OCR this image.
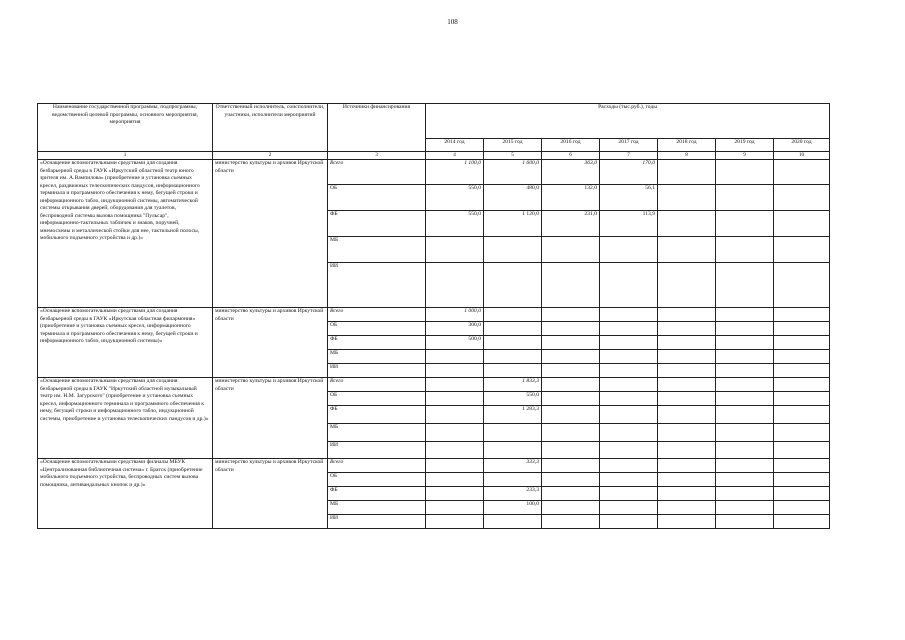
108
Наименование государственной программы, подпрограммы, ведомственной целевой программы, основного мероприятия, мероприятия	Ответственный исполнитель, соисполнители, участники, исполнители мероприятий	Источники финансирования	Расходы (тыс.руб.), годы						
			2014 год	2015 год	2016 год	2017 год	2018 год	2019 год	2020 год
1	2	3	4	5	6	7	8	9	10
«Оснащение вспомогательными средствами для создания безбарьерной среды в ГАУК «Иркутский областной театр юного зрителя им. А.Вампилова» (приобретение и установка съемных кресел, раздвижных телескопических пандусов, информационного терминала и программного обеспечения к нему, бегущей строки и информационного табло, индукционной системы, автоматической системы открывания дверей, оборудования для туалетов, беспроводной системы вызова помощника "Пульсар", информационно-тактильных табличек и знаков, поручней, мнемосхемы и металлической стойки для нее, тактильной полосы, мобильного подъемного устройства и др.)»	министерство культуры и архивов Иркутской области	Всего	1 100,0	1 600,0	363,0	170,0			
		ОБ	550,0	480,0	132,0	56,1			
		ФБ	550,0	1 120,0	231,0	113,9			
		МБ							
		ИИ							
«Оснащение вспомогательными средствами для создания безбарьерной среды в ГАУК «Иркутская областная филармония» (приобретение и установка съемных кресел, информационного терминала и программного обеспечения к нему, бегущей строки и информационного табло, индукционной системы)»	министерство культуры и архивов Иркутской области	Всего	1 000,0						
		ОБ	300,0						
		ФБ	500,0						
		МБ							
		ИИ							
«Оснащение вспомогательными средствами для создания безбарьерной среды в ГАУК "Иркутский областной музыкальный театр им. Н.М. Загурского" (приобретение и установка съемных кресел, информационного терминала и программного обеспечения к нему, бегущей строки и информационного табло, индукционной системы, приобретение и установка телескопических пандусов и др.)»	министерство культуры и архивов Иркутской области	Всего		1 833,3					
		ОБ		550,0					
		ФБ		1 283,3					
		МБ							
		ИИ							
«Оснащение вспомогательными средствами филиалы МБУК «Централизованная библиотечная система» г. Братск (приобретение мобильного подъемного устройства, беспроводных систем вызова помощника, антивандальных кнопок и др.)»	министерство культуры и архивов Иркутской области	Всего		333,3					
		ОБ							
		ФБ		233,3					
		МБ		100,0					
		ИИ							
